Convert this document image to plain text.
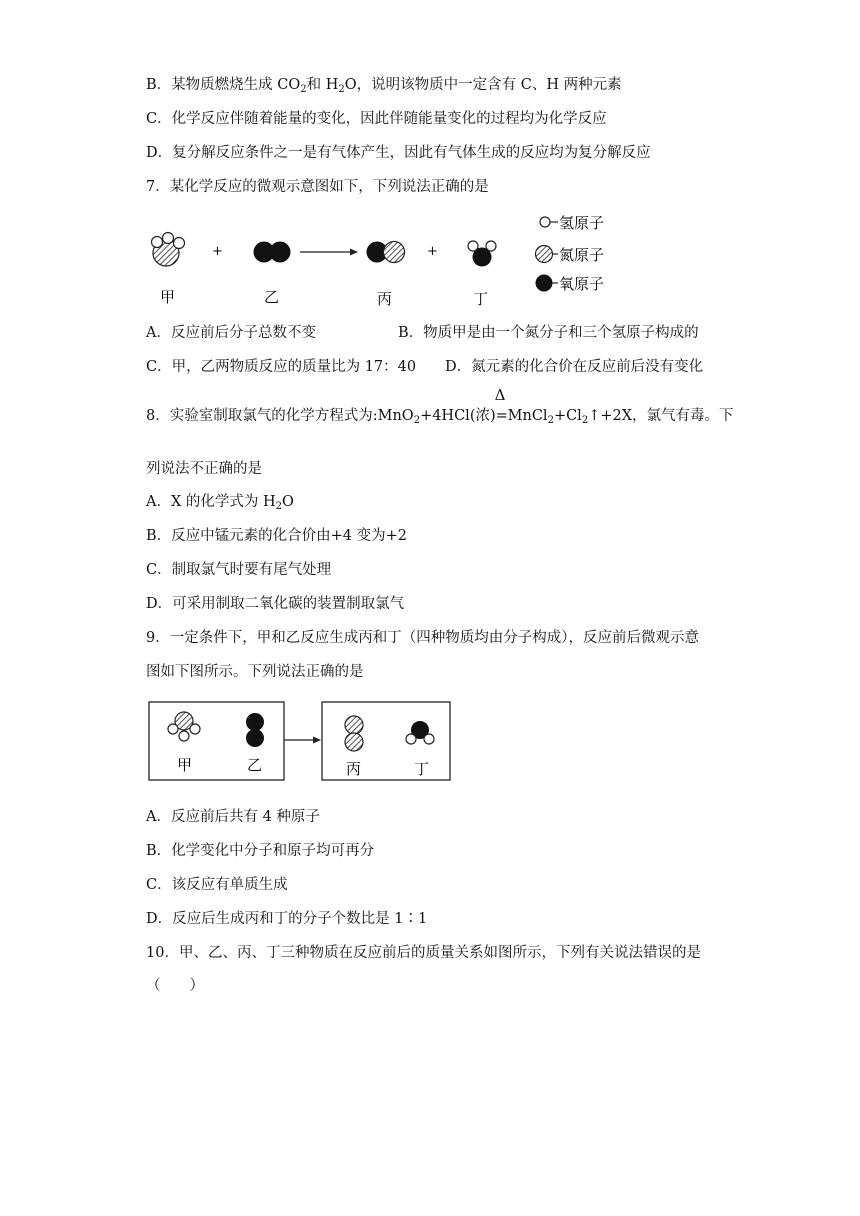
B．某物质燃烧生成 $CO_2$和 $H_2O$，说明该物质中一定含有 C、H 两种元素
C．化学反应伴随着能量的变化，因此伴随能量变化的过程均为化学反应
D．复分解反应条件之一是有气体产生，因此有气体生成的反应均为复分解反应
7．某化学反应的微观示意图如下，下列说法正确的是
+	+
甲	乙	丙	丁
氢原子
氮原子
氧原子
A．反应前后分子总数不变	B．物质甲是由一个氮分子和三个氢原子构成的
C．甲，乙两物质反应的质量比为 17：40 D．氮元素的化合价在反应前后没有变化
8．实验室制取氯气的化学方程式为:MnO$_2$+4HCl(浓)
Δ
$=MnCl_2+Cl_2↑+2X$，氯气有毒。下
列说法不正确的是
A．X 的化学式为 $H_2O$
B．反应中锰元素的化合价由+4 变为+2
C．制取氯气时要有尾气处理
D．可采用制取二氧化碳的装置制取氯气
9．一定条件下，甲和乙反应生成丙和丁（四种物质均由分子构成），反应前后微观示意
图如下图所示。下列说法正确的是
甲	乙	丙	丁
A．反应前后共有 4 种原子
B．化学变化中分子和原子均可再分
C．该反应有单质生成
D．反应后生成丙和丁的分子个数比是 1∶1
10．甲、乙、丙、丁三种物质在反应前后的质量关系如图所示，下列有关说法错误的是
（　　）
